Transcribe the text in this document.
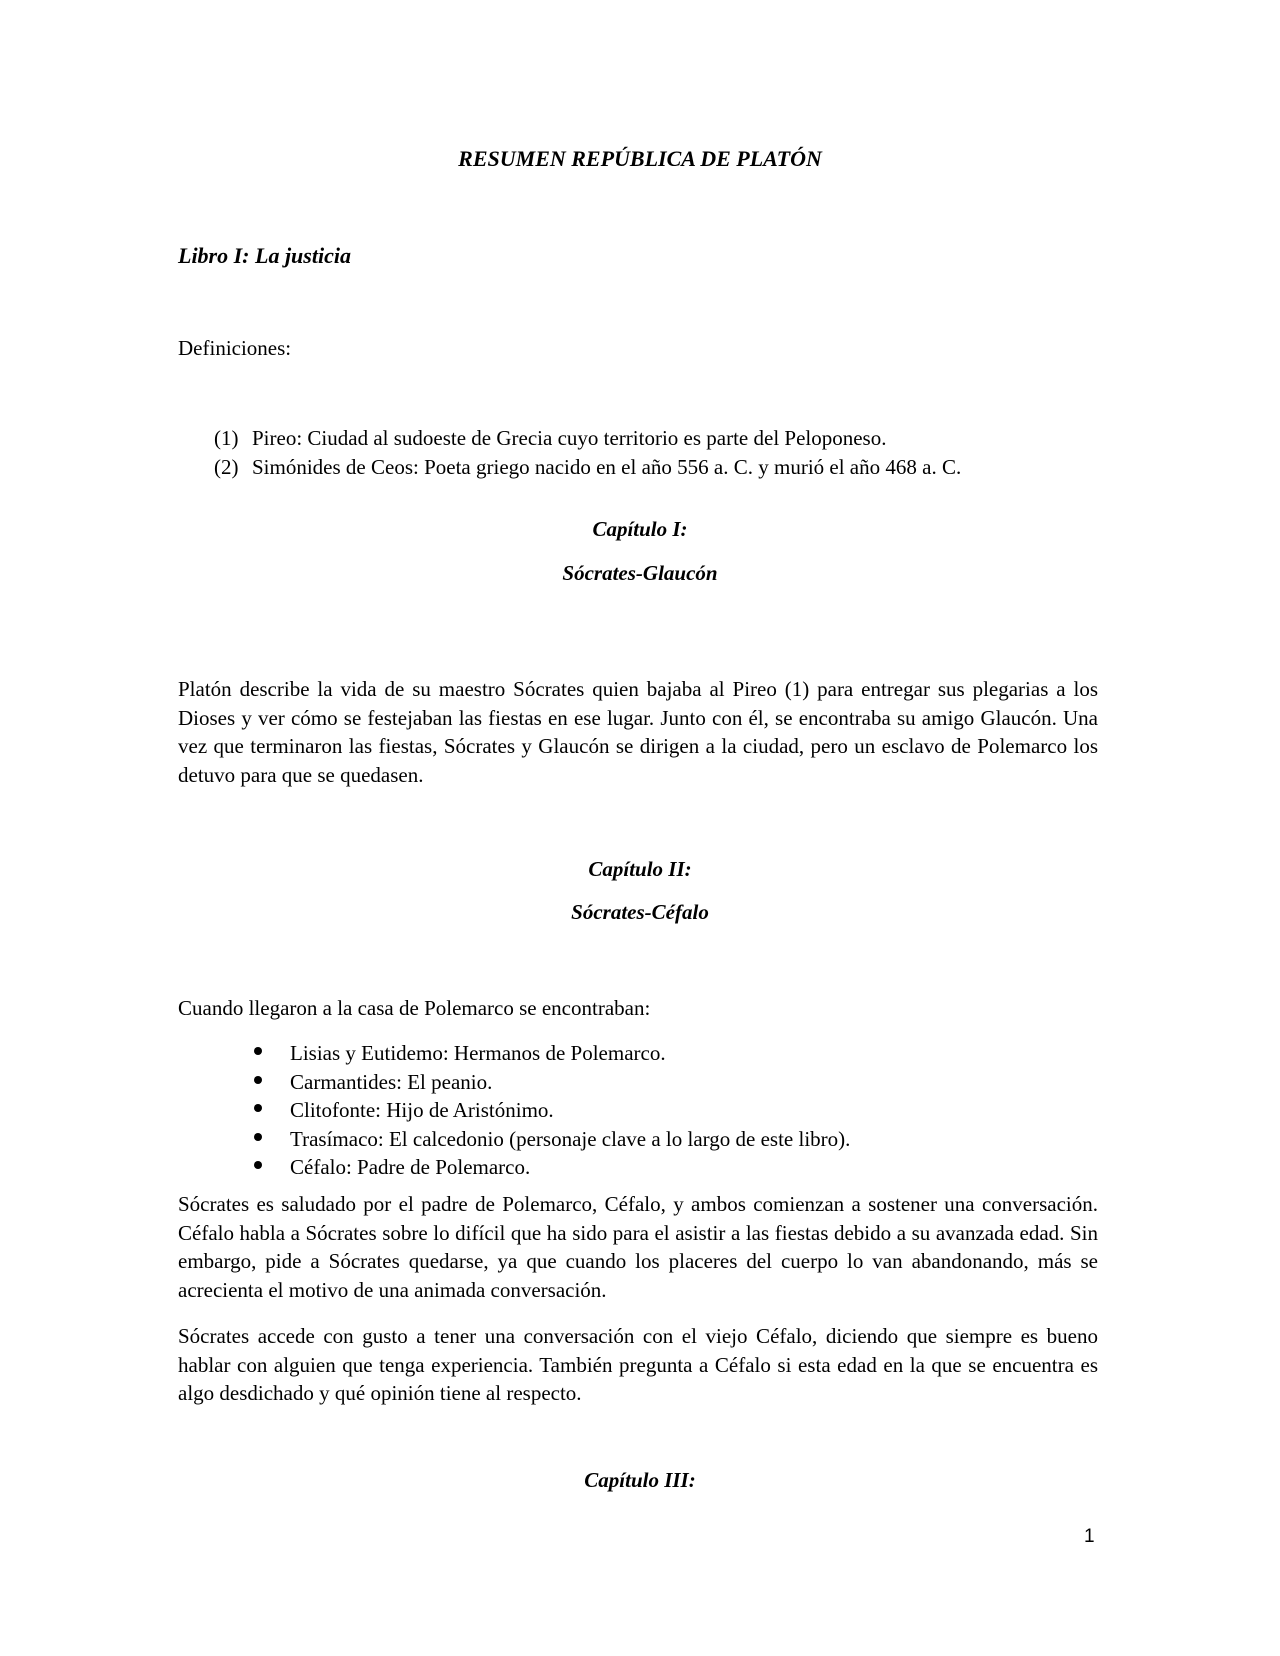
RESUMEN REPÚBLICA DE PLATÓN
Libro I: La justicia
Definiciones:
(1) Pireo: Ciudad al sudoeste de Grecia cuyo territorio es parte del Peloponeso.
(2) Simónides de Ceos: Poeta griego nacido en el año 556 a. C. y murió el año 468 a. C.
Capítulo I:
Sócrates-Glaucón

Platón describe la vida de su maestro Sócrates quien bajaba al Pireo (1) para entregar sus plegarias a los Dioses y ver cómo se festejaban las fiestas en ese lugar. Junto con él, se encontraba su amigo Glaucón. Una vez que terminaron las fiestas, Sócrates y Glaucón se dirigen a la ciudad, pero un esclavo de Polemarco los detuvo para que se quedasen.

Capítulo II:
Sócrates-Céfalo

Cuando llegaron a la casa de Polemarco se encontraban:

Lisias y Eutidemo: Hermanos de Polemarco.
Carmantides: El peanio.
Clitofonte: Hijo de Aristónimo.
Trasímaco: El calcedonio (personaje clave a lo largo de este libro).
Céfalo: Padre de Polemarco.

Sócrates es saludado por el padre de Polemarco, Céfalo, y ambos comienzan a sostener una conversación. Céfalo habla a Sócrates sobre lo difícil que ha sido para el asistir a las fiestas debido a su avanzada edad. Sin embargo, pide a Sócrates quedarse, ya que cuando los placeres del cuerpo lo van abandonando, más se acrecienta el motivo de una animada conversación.

Sócrates accede con gusto a tener una conversación con el viejo Céfalo, diciendo que siempre es bueno hablar con alguien que tenga experiencia. También pregunta a Céfalo si esta edad en la que se encuentra es algo desdichado y qué opinión tiene al respecto.

Capítulo III:
1
